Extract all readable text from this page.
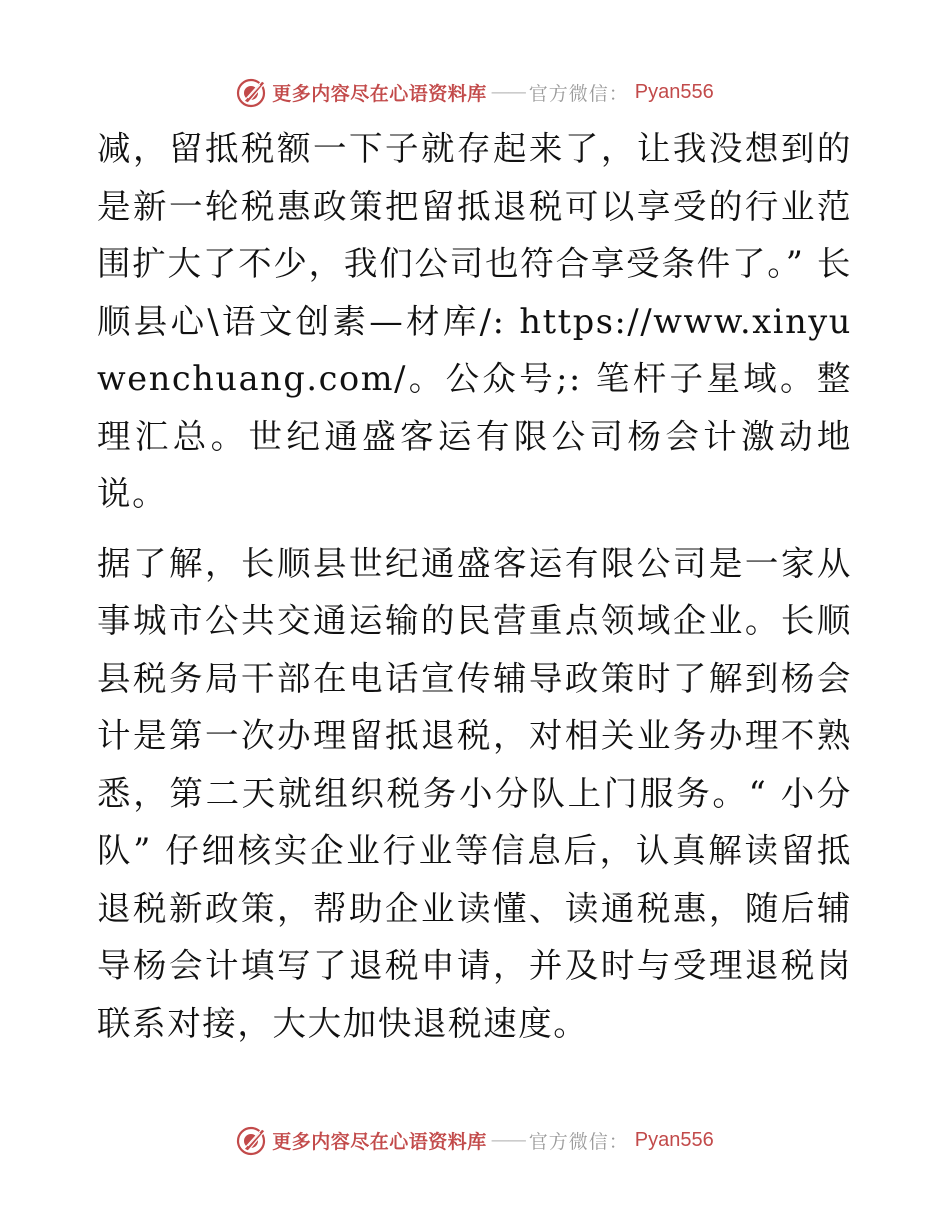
更多内容尽在心语资料库 —— 官方微信： Pyan556

减，留抵税额一下子就存起来了，让我没想到的是新一轮税惠政策把留抵退税可以享受的行业范围扩大了不少，我们公司也符合享受条件了。” 长顺县心\语文创素—材库/: https://www.xinyuwenchuang.com/。公众号;: 笔杆子星域。整理汇总。世纪通盛客运有限公司杨会计激动地说。

据了解，长顺县世纪通盛客运有限公司是一家从事城市公共交通运输的民营重点领域企业。长顺县税务局干部在电话宣传辅导政策时了解到杨会计是第一次办理留抵退税，对相关业务办理不熟悉，第二天就组织税务小分队上门服务。“ 小分队” 仔细核实企业行业等信息后，认真解读留抵退税新政策，帮助企业读懂、读通税惠，随后辅导杨会计填写了退税申请，并及时与受理退税岗联系对接，大大加快退税速度。

更多内容尽在心语资料库 —— 官方微信： Pyan556
